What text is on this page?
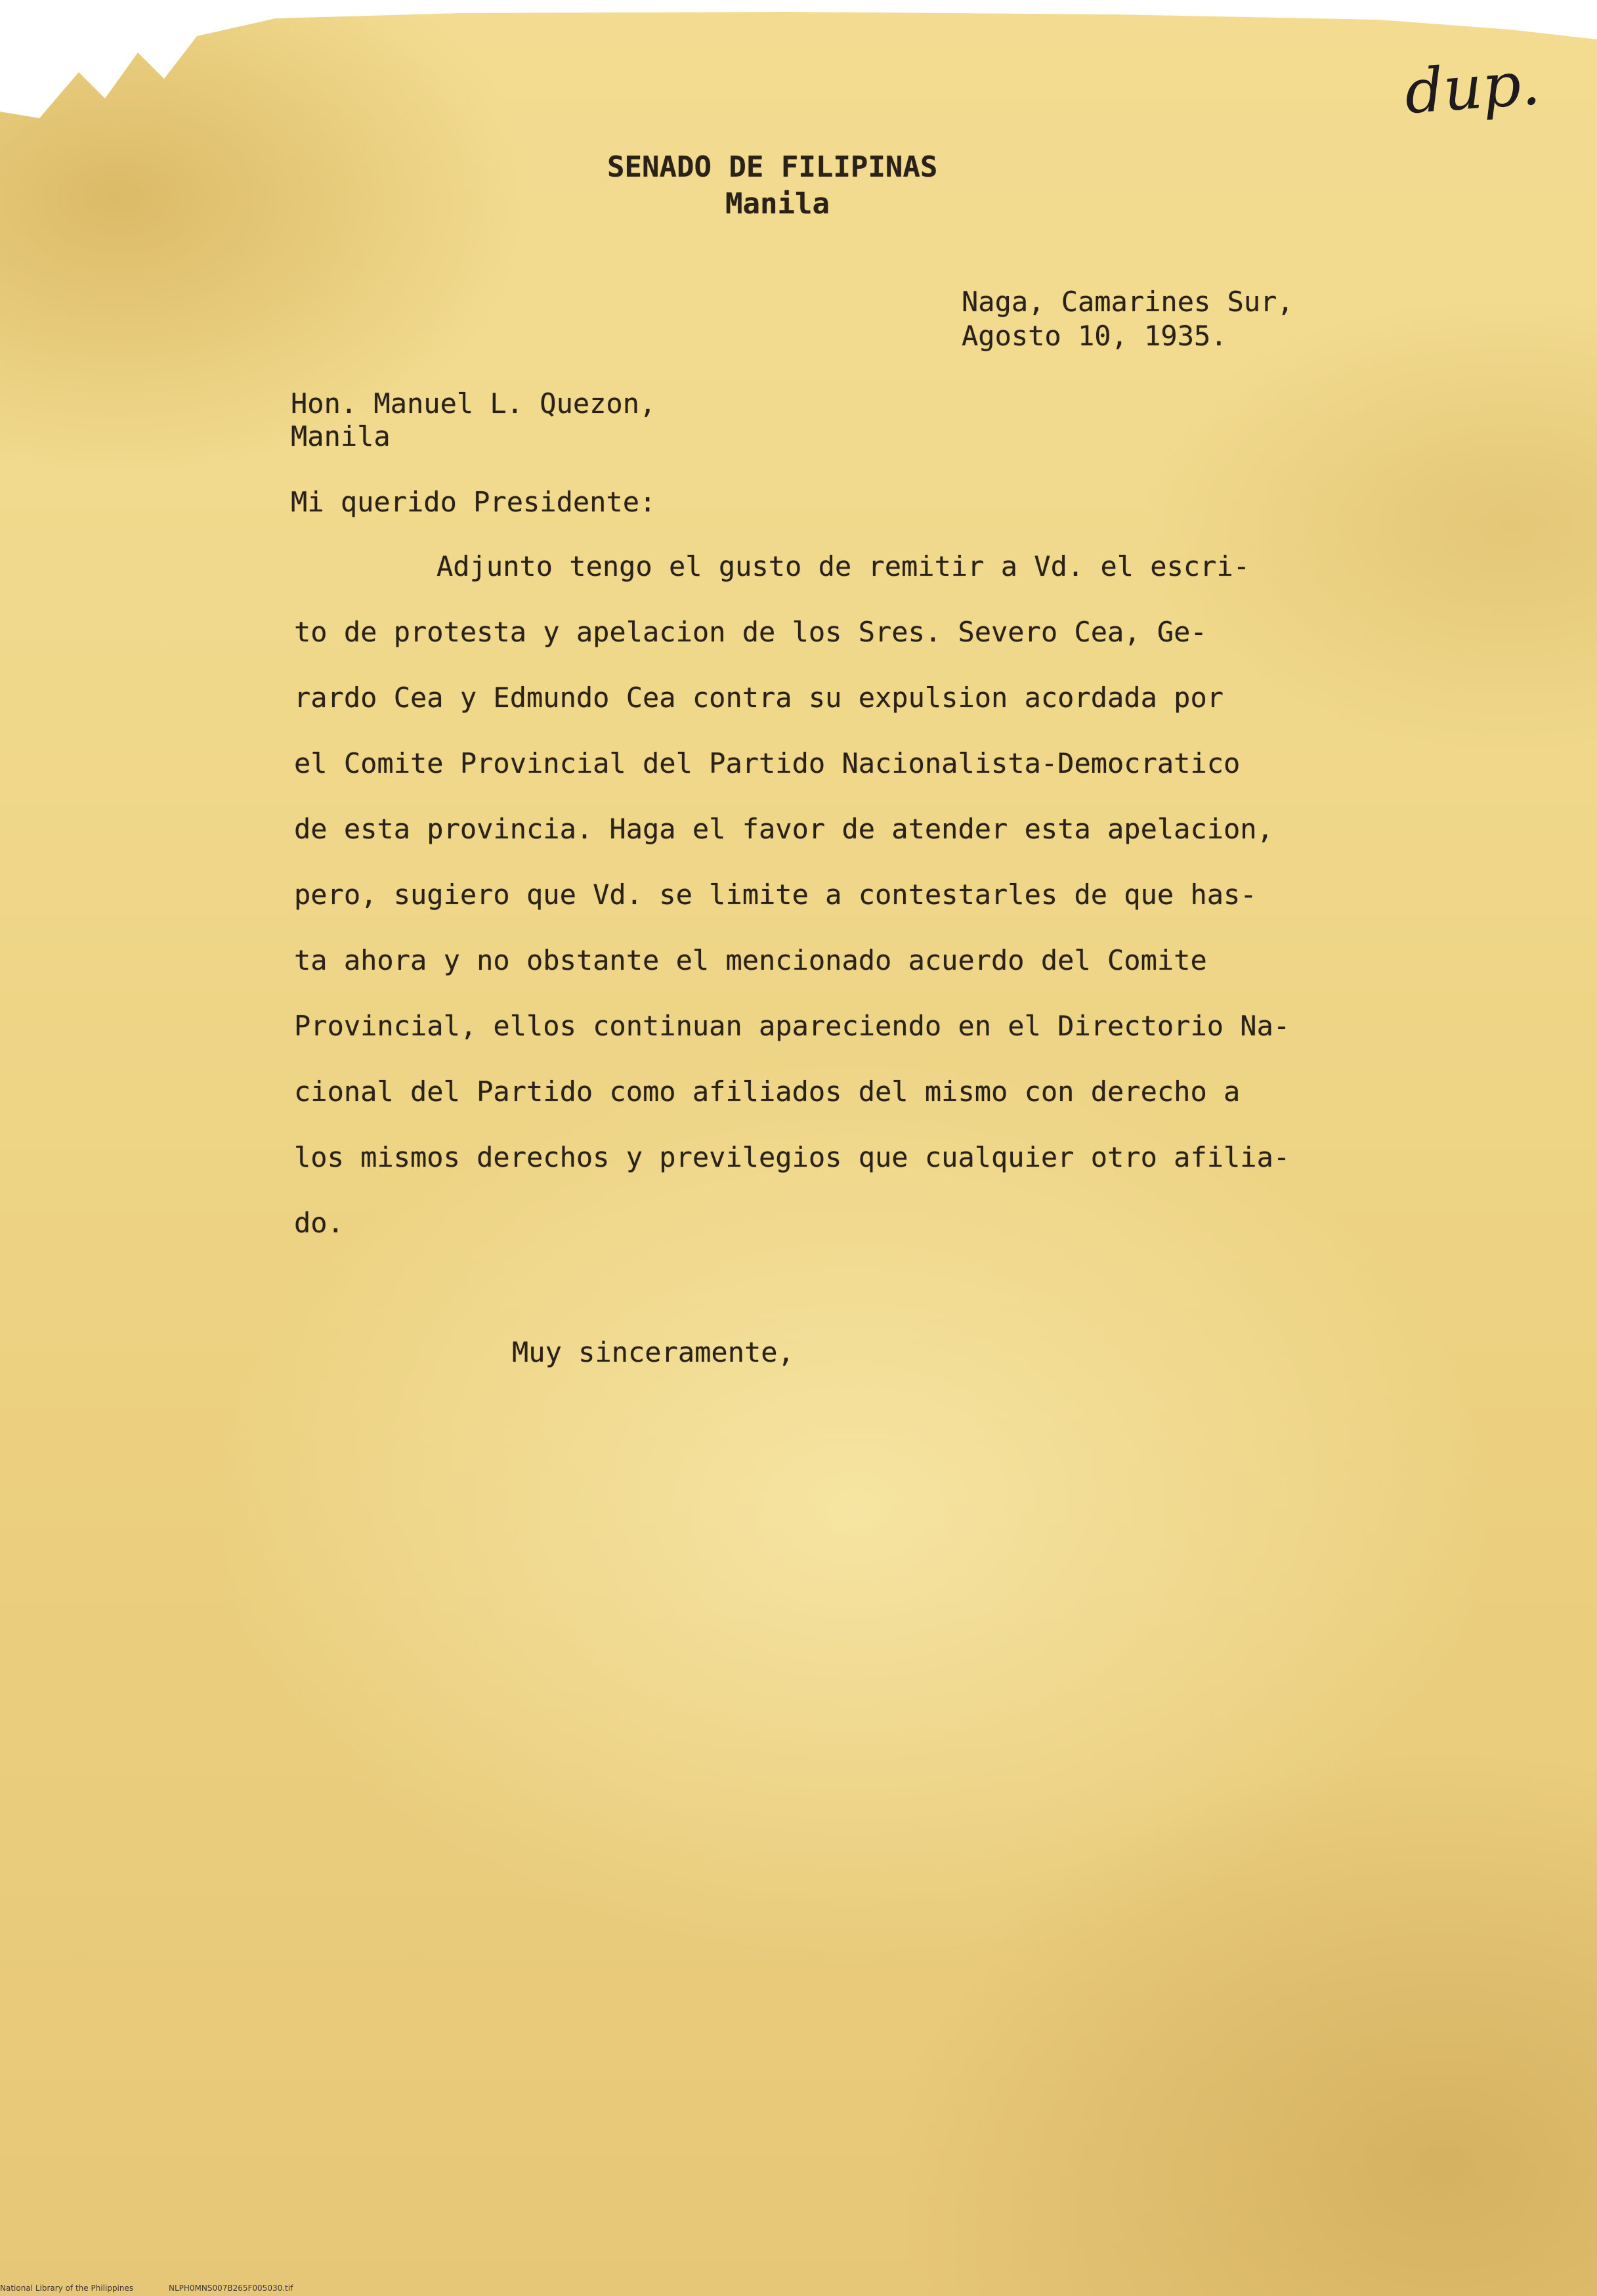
SENADO DE FILIPINAS
Manila
dup.
Naga, Camarines Sur,
Agosto 10, 1935.
Hon. Manuel L. Quezon,
Manila
Mi querido Presidente:
Adjunto tengo el gusto de remitir a Vd. el escri-
to de protesta y apelacion de los Sres. Severo Cea, Ge-
rardo Cea y Edmundo Cea contra su expulsion acordada por
el Comite Provincial del Partido Nacionalista-Democratico
de esta provincia. Haga el favor de atender esta apelacion,
pero, sugiero que Vd. se limite a contestarles de que has-
ta ahora y no obstante el mencionado acuerdo del Comite
Provincial, ellos continuan apareciendo en el Directorio Na-
cional del Partido como afiliados del mismo con derecho a
los mismos derechos y previlegios que cualquier otro afilia-
do.
Muy sinceramente,
National Library of the Philippines	NLPH0MNS007B265F005030.tif
